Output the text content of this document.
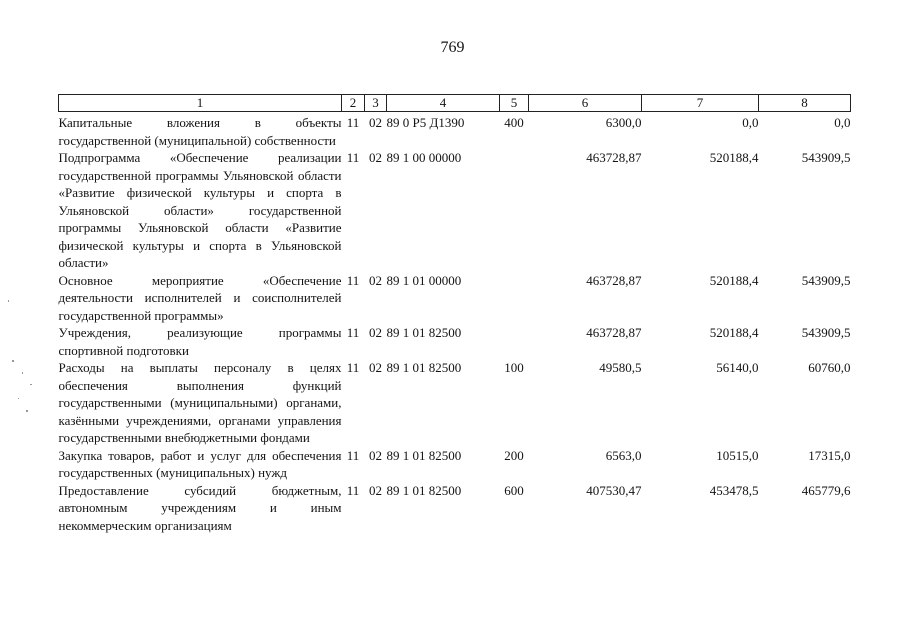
769
1	2	3	4	5	6	7	8

Капитальные вложения в объекты государственной (муниципальной) собственности	11	02	89 0 P5 Д1390	400	6300,0	0,0	0,0
Подпрограмма «Обеспечение реализации государственной программы Ульяновской области «Развитие физической культуры и спорта в Ульяновской области» государственной программы Ульяновской области «Развитие физической культуры и спорта в Ульяновской области»	11	02	89 1 00 00000		463728,87	520188,4	543909,5
Основное мероприятие «Обеспечение деятельности исполнителей и соисполнителей государственной программы»	11	02	89 1 01 00000		463728,87	520188,4	543909,5
Учреждения, реализующие программы спортивной подготовки	11	02	89 1 01 82500		463728,87	520188,4	543909,5
Расходы на выплаты персоналу в целях обеспечения выполнения функций государственными (муниципальными) органами, казёнными учреждениями, органами управления государственными внебюджетными фондами	11	02	89 1 01 82500	100	49580,5	56140,0	60760,0
Закупка товаров, работ и услуг для обеспечения государственных (муниципальных) нужд	11	02	89 1 01 82500	200	6563,0	10515,0	17315,0
Предоставление субсидий бюджетным, автономным учреждениям и иным некоммерческим организациям	11	02	89 1 01 82500	600	407530,47	453478,5	465779,6
